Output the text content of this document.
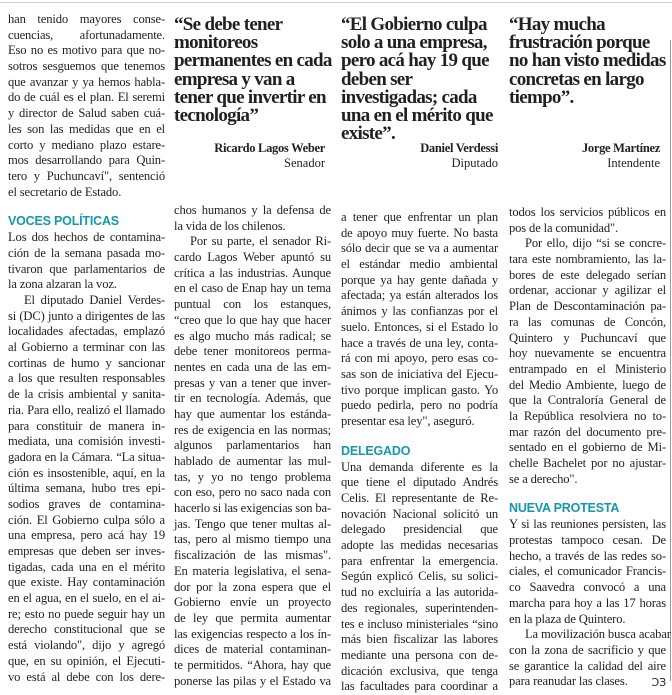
han tenido mayores conse-
cuencias, afortunadamente.
Eso no es motivo para que no-
sotros sesguemos que tenemos
que avanzar y ya hemos habla-
do de cuál es el plan. El seremi
y director de Salud saben cuá-
les son las medidas que en el
corto y mediano plazo estare-
mos desarrollando para Quin-
tero y Puchuncaví", sentenció
el secretario de Estado.
VOCES POLÍTICAS
Los dos hechos de contamina-
ción de la semana pasada mo-
tivaron que parlamentarios de
la zona alzaran la voz.
El diputado Daniel Verdes-
si (DC) junto a dirigentes de las
localidades afectadas, emplazó
al Gobierno a terminar con las
cortinas de humo y sancionar
a los que resulten responsables
de la crisis ambiental y sanita-
ria. Para ello, realizó el llamado
para constituir de manera in-
mediata, una comisión investi-
gadora en la Cámara. “La situa-
ción es insostenible, aquí, en la
última semana, hubo tres epi-
sodios graves de contamina-
ción. El Gobierno culpa sólo a
una empresa, pero acá hay 19
empresas que deben ser inves-
tigadas, cada una en el mérito
que existe. Hay contaminación
en el agua, en el suelo, en el ai-
re; esto no puede seguir hay un
derecho constitucional que se
está violando", dijo y agregó
que, en su opinión, el Ejecuti-
vo está al debe con los dere-
“Se debe tener
monitoreos
permanentes en cada
empresa y van a
tener que invertir en
tecnología”
Ricardo Lagos Weber
Senador
chos humanos y la defensa de
la vida de los chilenos.
Por su parte, el senador Ri-
cardo Lagos Weber apuntó su
crítica a las industrias. Aunque
en el caso de Enap hay un tema
puntual con los estanques,
“creo que lo que hay que hacer
es algo mucho más radical; se
debe tener monitoreos perma-
nentes en cada una de las em-
presas y van a tener que inver-
tir en tecnología. Además, que
hay que aumentar los estánda-
res de exigencia en las normas;
algunos parlamentarios han
hablado de aumentar las mul-
tas, y yo no tengo problema
con eso, pero no saco nada con
hacerlo si las exigencias son ba-
jas. Tengo que tener multas al-
tas, pero al mismo tiempo una
fiscalización de las mismas".
En materia legislativa, el sena-
dor por la zona espera que el
Gobierno envíe un proyecto
de ley que permita aumentar
las exigencias respecto a los ín-
dices de material contaminan-
te permitidos. “Ahora, hay que
ponerse las pilas y el Estado va
“El Gobierno culpa
solo a una empresa,
pero acá hay 19 que
deben ser
investigadas; cada
una en el mérito que
existe”.
Daniel Verdessi
Diputado
a tener que enfrentar un plan
de apoyo muy fuerte. No basta
sólo decir que se va a aumentar
el estándar medio ambiental
porque ya hay gente dañada y
afectada; ya están alterados los
ánimos y las confianzas por el
suelo. Entonces, si el Estado lo
hace a través de una ley, conta-
rá con mi apoyo, pero esas co-
sas son de iniciativa del Ejecu-
tivo porque implican gasto. Yo
puedo pedirla, pero no podría
presentar esa ley", aseguró.
DELEGADO
Una demanda diferente es la
que tiene el diputado Andrés
Celis. El representante de Re-
novación Nacional solicitó un
delegado presidencial que
adopte las medidas necesarias
para enfrentar la emergencia.
Según explicó Celis, su solici-
tud no excluiría a las autorida-
des regionales, superintenden-
tes e incluso ministeriales “sino
más bien fiscalizar las labores
mediante una persona con de-
dicación exclusiva, que tenga
las facultades para coordinar a
“Hay mucha
frustración porque
no han visto medidas
concretas en largo
tiempo”.
Jorge Martínez
Intendente
todos los servicios públicos en
pos de la comunidad".
Por ello, dijo “si se concre-
tara este nombramiento, las la-
bores de este delegado serían
ordenar, accionar y agilizar el
Plan de Descontaminación pa-
ra las comunas de Concón,
Quintero y Puchuncaví que
hoy nuevamente se encuentra
entrampado en el Ministerio
del Medio Ambiente, luego de
que la Contraloría General de
la República resolviera no to-
mar razón del documento pre-
sentado en el gobierno de Mi-
chelle Bachelet por no ajustar-
se a derecho".
NUEVA PROTESTA
Y si las reuniones persisten, las
protestas tampoco cesan. De
hecho, a través de las redes so-
ciales, el comunicador Francis-
co Saavedra convocó a una
marcha para hoy a las 17 horas
en la plaza de Quintero.
La movilización busca acabar
con la zona de sacrificio y que
se garantice la calidad del aire
para reanudar las clases.	ƆЗ
